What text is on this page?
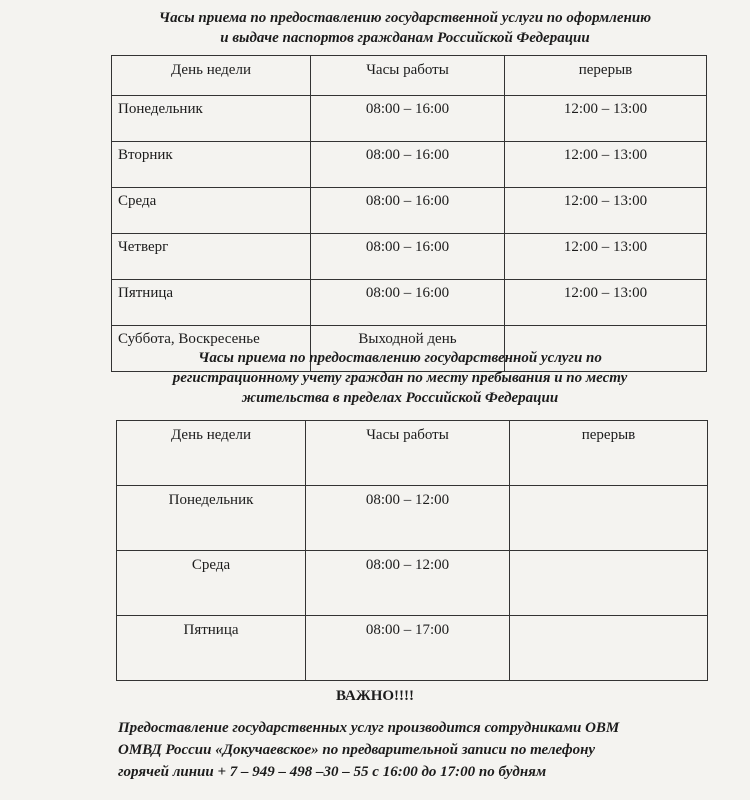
Часы приема по предоставлению государственной услуги по оформлению
и выдаче паспортов гражданам Российской Федерации
День недели	Часы работы	перерыв
Понедельник	08:00 – 16:00	12:00 – 13:00
Вторник	08:00 – 16:00	12:00 – 13:00
Среда	08:00 – 16:00	12:00 – 13:00
Четверг	08:00 – 16:00	12:00 – 13:00
Пятница	08:00 – 16:00	12:00 – 13:00
Суббота, Воскресенье	Выходной день	
Часы приема по предоставлению государственной услуги по
регистрационному учету граждан по месту пребывания и по месту
жительства в пределах Российской Федерации
День недели	Часы работы	перерыв
Понедельник	08:00 – 12:00	
Среда	08:00 – 12:00	
Пятница	08:00 – 17:00	
ВАЖНО!!!!
Предоставление государственных услуг производится сотрудниками ОВМ
ОМВД России «Докучаевское» по предварительной записи по телефону
горячей линии + 7 – 949 – 498 –30 – 55 с 16:00 до 17:00 по будням
